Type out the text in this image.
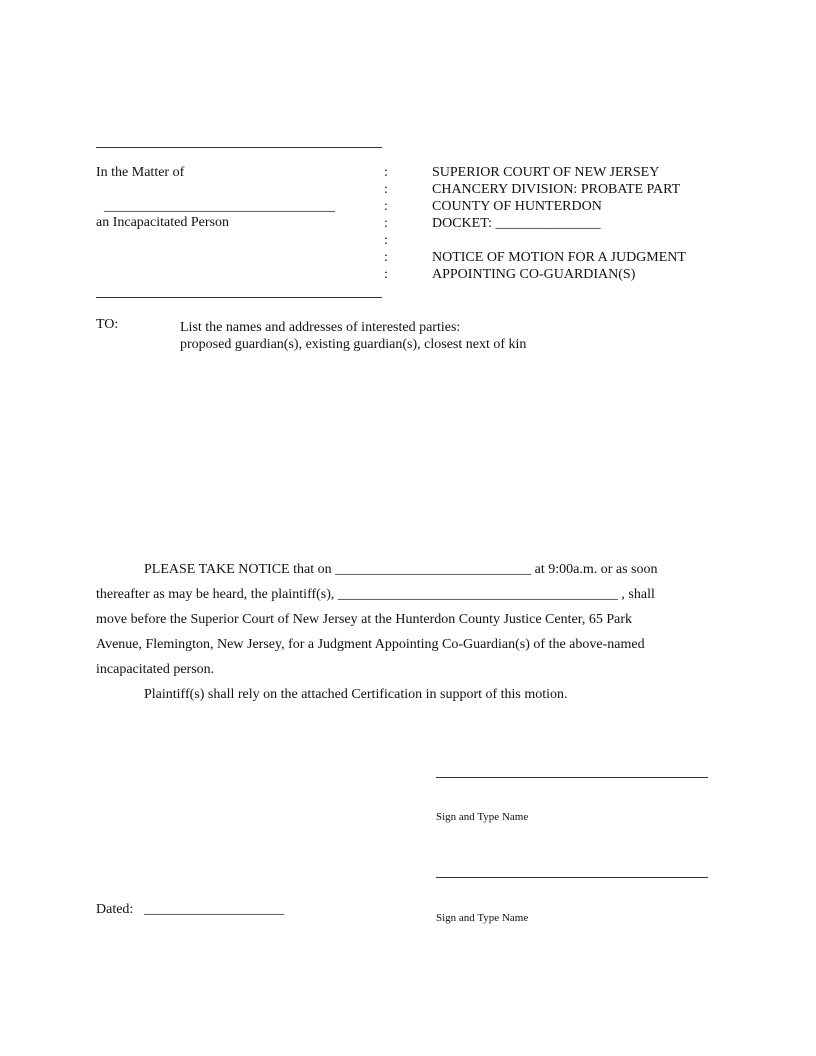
In the Matter of
_________________________________
an Incapacitated Person
:
:
:
:
:
:
:
SUPERIOR COURT OF NEW JERSEY
CHANCERY DIVISION: PROBATE PART
COUNTY OF HUNTERDON
DOCKET: _______________
NOTICE OF MOTION FOR A JUDGMENT
APPOINTING CO-GUARDIAN(S)
TO:	List the names and addresses of interested parties:
proposed guardian(s), existing guardian(s), closest next of kin
PLEASE TAKE NOTICE that on ____________________________ at 9:00a.m. or as soon
thereafter as may be heard, the plaintiff(s), ________________________________________ , shall
move before the Superior Court of New Jersey at the Hunterdon County Justice Center, 65 Park
Avenue, Flemington, New Jersey, for a Judgment Appointing Co-Guardian(s) of the above-named
incapacitated person.
Plaintiff(s) shall rely on the attached Certification in support of this motion.
Sign and Type Name
Sign and Type Name
Dated: ____________________
